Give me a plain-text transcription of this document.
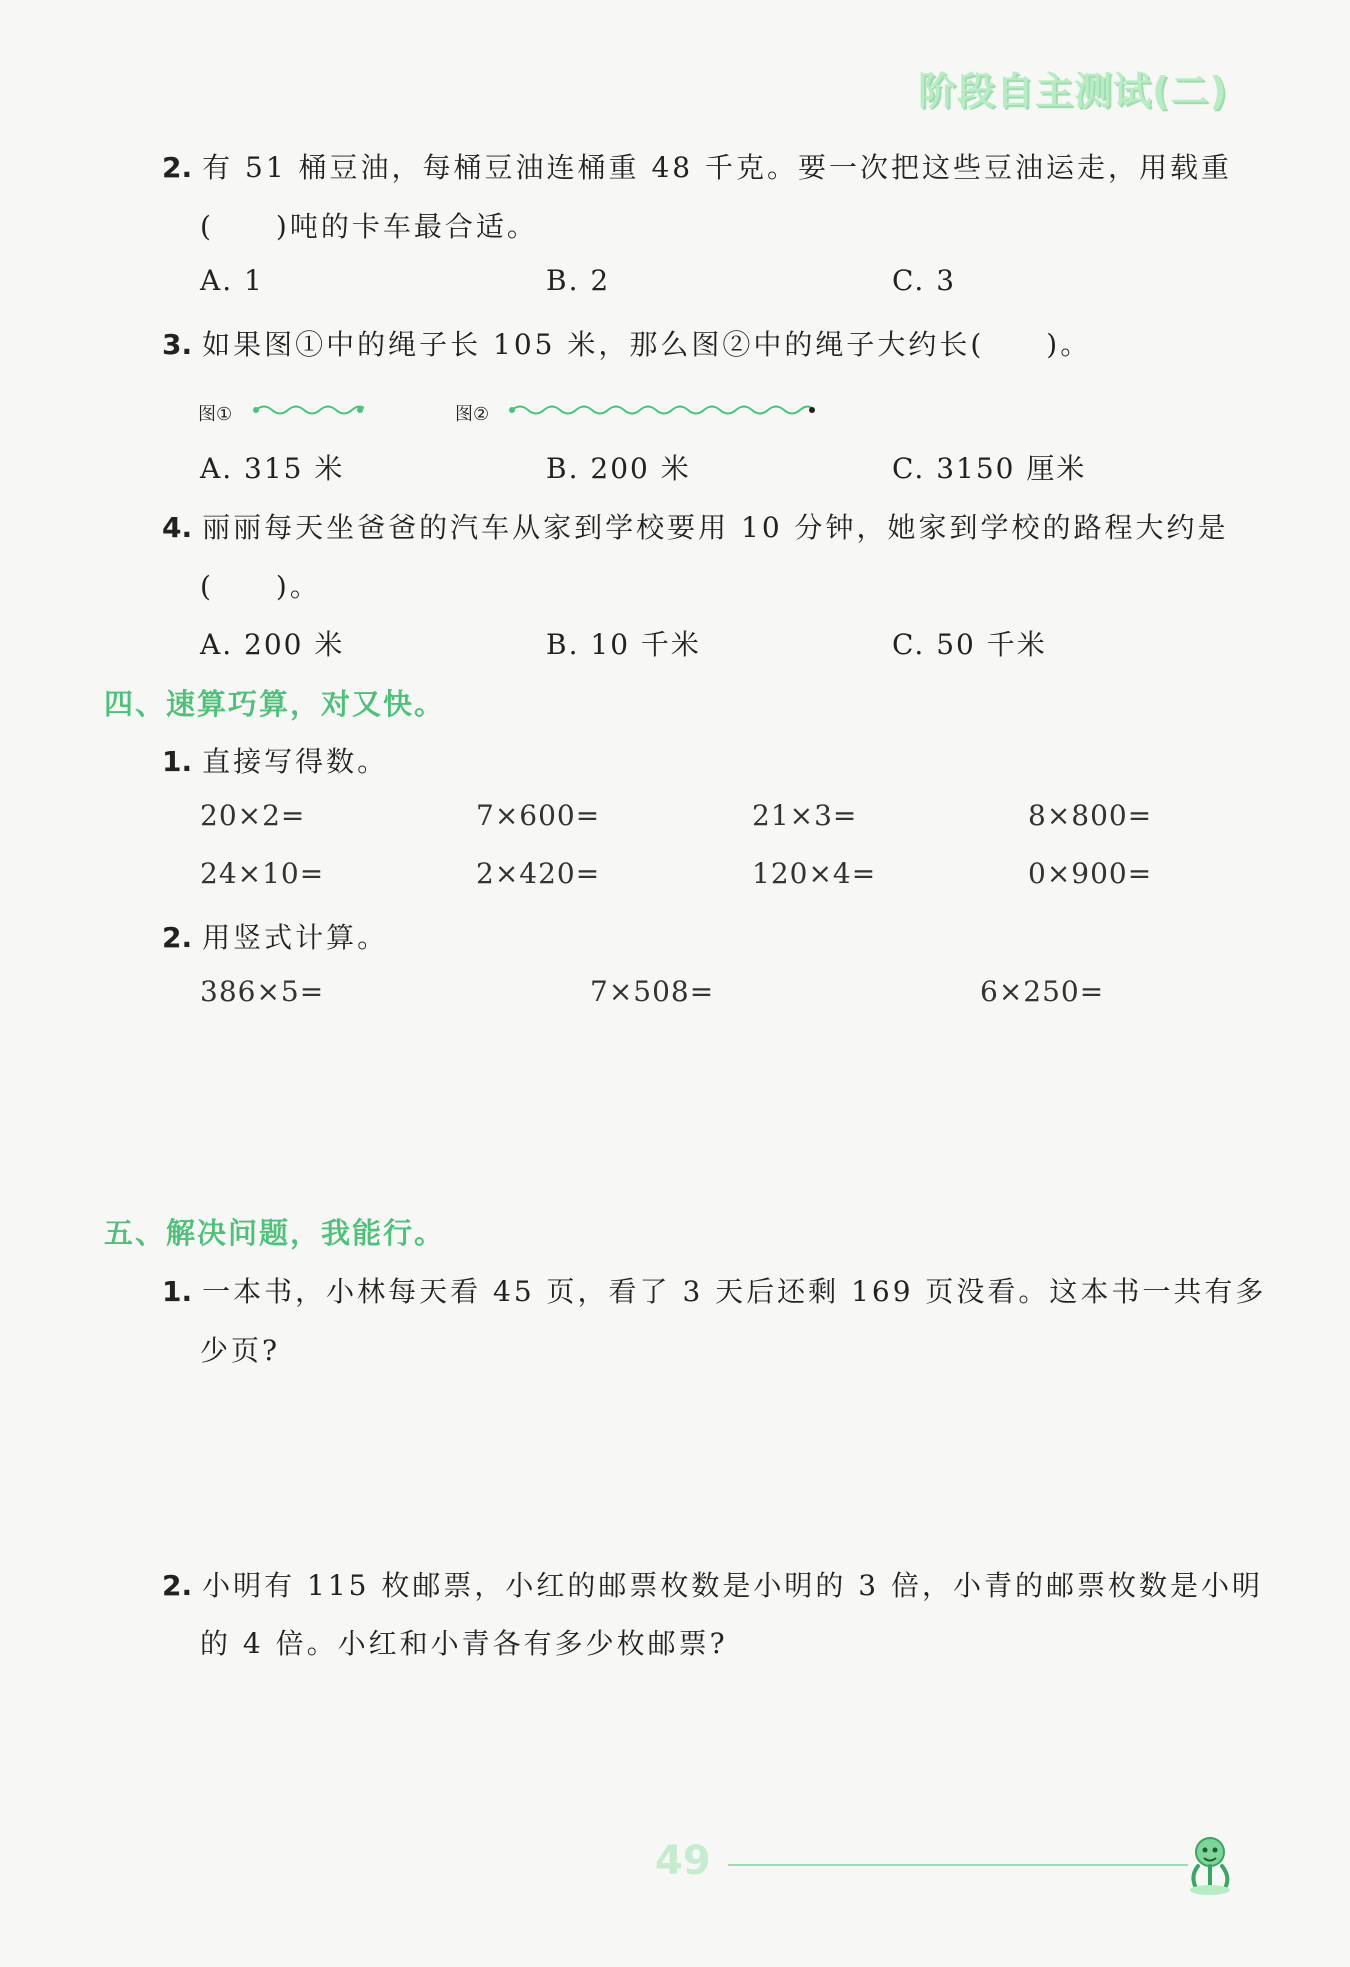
阶段自主测试(二)
2. 有 51 桶豆油，每桶豆油连桶重 48 千克。要一次把这些豆油运走，用载重
(　　)吨的卡车最合适。
A. 1	B. 2	C. 3
3. 如果图①中的绳子长 105 米，那么图②中的绳子大约长(　　)。
图①	图②
A. 315 米	B. 200 米	C. 3150 厘米
4. 丽丽每天坐爸爸的汽车从家到学校要用 10 分钟，她家到学校的路程大约是
(　　)。
A. 200 米	B. 10 千米	C. 50 千米
四、速算巧算，对又快。
1. 直接写得数。
20×2=	7×600=	21×3=	8×800=
24×10=	2×420=	120×4=	0×900=
2. 用竖式计算。
386×5=	7×508=	6×250=
五、解决问题，我能行。
1. 一本书，小林每天看 45 页，看了 3 天后还剩 169 页没看。这本书一共有多
少页?
2. 小明有 115 枚邮票，小红的邮票枚数是小明的 3 倍，小青的邮票枚数是小明
的 4 倍。小红和小青各有多少枚邮票?
49
